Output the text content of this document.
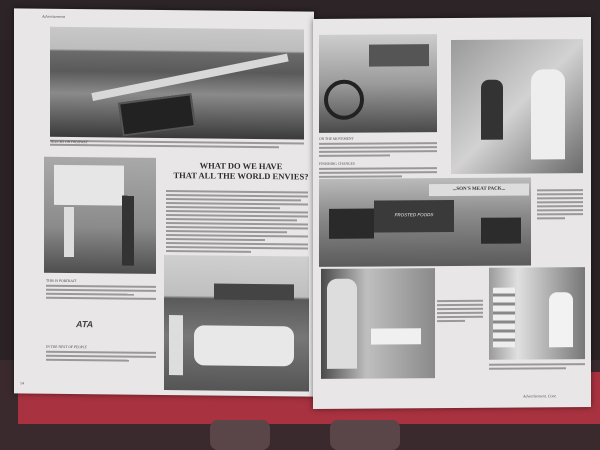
Advertisement
TRUCKS ON HIGHWAY
WHAT DO WE HAVE
THAT ALL THE WORLD ENVIES?
THIS IS PORTRAIT
ATA
IN THE NEST OF PEOPLE
14
ON THE MOVEMENT
FINISHING CHANGES
...SON'S MEAT PACK...
FROSTED FOODS
Advertisement. Cont.
